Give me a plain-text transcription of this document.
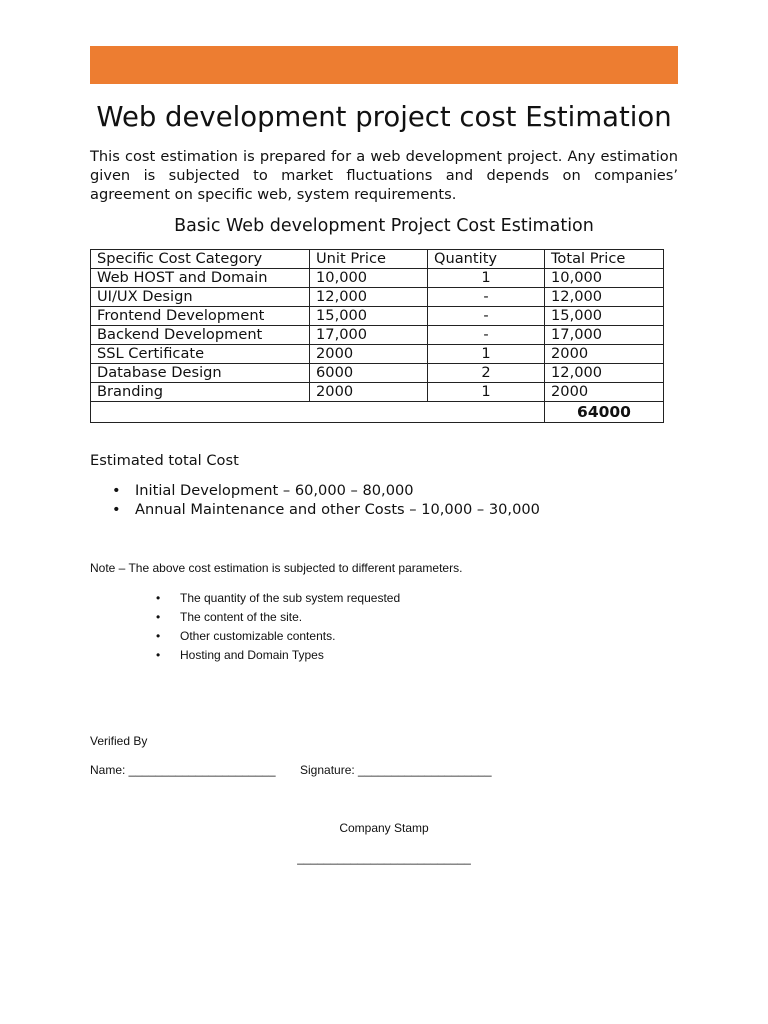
Web development project cost Estimation
This cost estimation is prepared for a web development project. Any estimation given is subjected to market fluctuations and depends on companies’ agreement on specific web, system requirements.
Basic Web development Project Cost Estimation
Specific Cost Category	Unit Price	Quantity	Total Price
Web HOST and Domain	10,000	1	10,000
UI/UX Design	12,000	-	12,000
Frontend Development	15,000	-	15,000
Backend Development	17,000	-	17,000
SSL Certificate	2000	1	2000
Database Design	6000	2	12,000
Branding	2000	1	2000
			64000
Estimated total Cost
• Initial Development – 60,000 – 80,000
• Annual Maintenance and other Costs – 10,000 – 30,000
Note – The above cost estimation is subjected to different parameters.
• The quantity of the sub system requested
• The content of the site.
• Other customizable contents.
• Hosting and Domain Types
Verified By
Name: ______________________ Signature: ____________________
Company Stamp
__________________________
